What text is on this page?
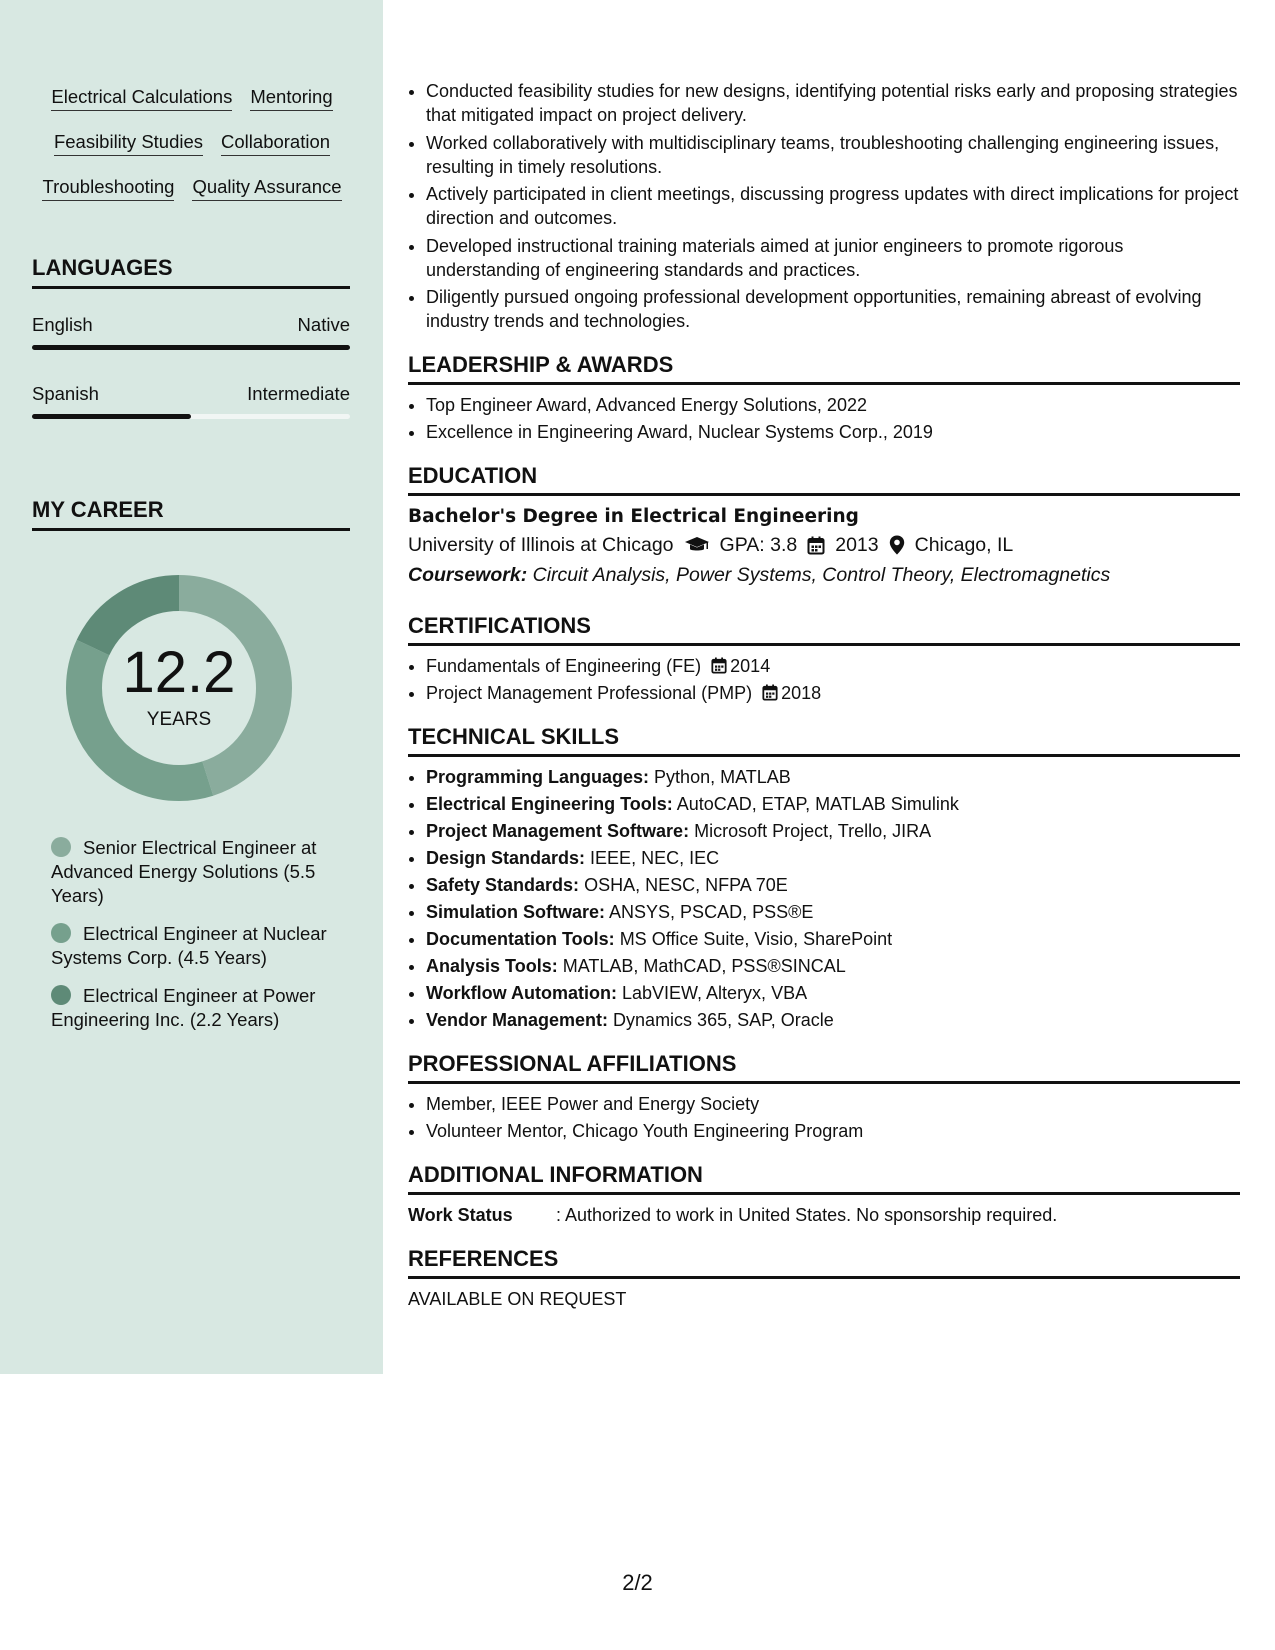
Electrical Calculations Mentoring
Feasibility Studies Collaboration
Troubleshooting Quality Assurance
LANGUAGES
English	Native
Spanish	Intermediate
MY CAREER
12.2
YEARS
Senior Electrical Engineer at Advanced Energy Solutions (5.5 Years)
Electrical Engineer at Nuclear Systems Corp. (4.5 Years)
Electrical Engineer at Power Engineering Inc. (2.2 Years)
• Conducted feasibility studies for new designs, identifying potential risks early and proposing strategies that mitigated impact on project delivery.
• Worked collaboratively with multidisciplinary teams, troubleshooting challenging engineering issues, resulting in timely resolutions.
• Actively participated in client meetings, discussing progress updates with direct implications for project direction and outcomes.
• Developed instructional training materials aimed at junior engineers to promote rigorous understanding of engineering standards and practices.
• Diligently pursued ongoing professional development opportunities, remaining abreast of evolving industry trends and technologies.
LEADERSHIP & AWARDS
• Top Engineer Award, Advanced Energy Solutions, 2022
• Excellence in Engineering Award, Nuclear Systems Corp., 2019
EDUCATION
Bachelor's Degree in Electrical Engineering
University of Illinois at Chicago GPA: 3.8 2013 Chicago, IL
Coursework: Circuit Analysis, Power Systems, Control Theory, Electromagnetics
CERTIFICATIONS
• Fundamentals of Engineering (FE) 2014
• Project Management Professional (PMP) 2018
TECHNICAL SKILLS
• Programming Languages: Python, MATLAB
• Electrical Engineering Tools: AutoCAD, ETAP, MATLAB Simulink
• Project Management Software: Microsoft Project, Trello, JIRA
• Design Standards: IEEE, NEC, IEC
• Safety Standards: OSHA, NESC, NFPA 70E
• Simulation Software: ANSYS, PSCAD, PSS®E
• Documentation Tools: MS Office Suite, Visio, SharePoint
• Analysis Tools: MATLAB, MathCAD, PSS®SINCAL
• Workflow Automation: LabVIEW, Alteryx, VBA
• Vendor Management: Dynamics 365, SAP, Oracle
PROFESSIONAL AFFILIATIONS
• Member, IEEE Power and Energy Society
• Volunteer Mentor, Chicago Youth Engineering Program
ADDITIONAL INFORMATION
Work Status	: Authorized to work in United States. No sponsorship required.
REFERENCES
AVAILABLE ON REQUEST
2/2
